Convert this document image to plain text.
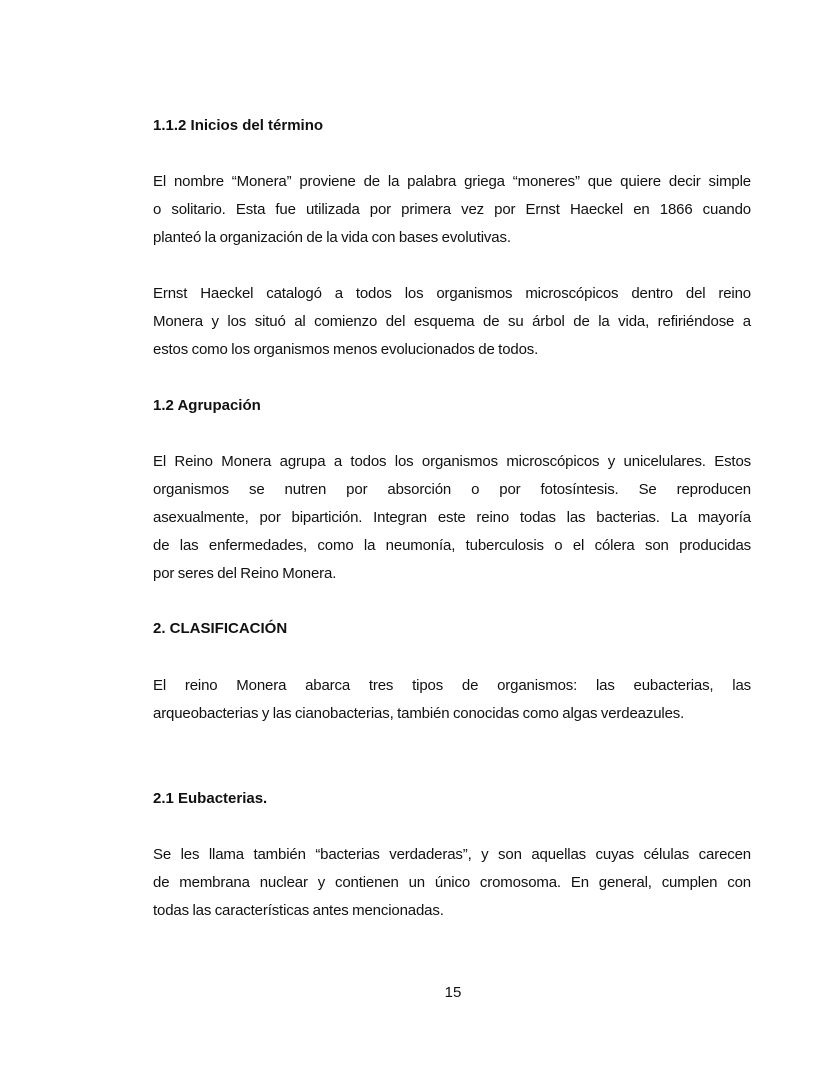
1.1.2 Inicios del término
El nombre “Monera” proviene de la palabra griega “moneres” que quiere decir simple
o solitario. Esta fue utilizada por primera vez por Ernst Haeckel en 1866 cuando
planteó la organización de la vida con bases evolutivas.
Ernst Haeckel catalogó a todos los organismos microscópicos dentro del reino
Monera y los situó al comienzo del esquema de su árbol de la vida, refiriéndose a
estos como los organismos menos evolucionados de todos.
1.2 Agrupación
El Reino Monera agrupa a todos los organismos microscópicos y unicelulares. Estos
organismos se nutren por absorción o por fotosíntesis. Se reproducen
asexualmente, por bipartición. Integran este reino todas las bacterias. La mayoría
de las enfermedades, como la neumonía, tuberculosis o el cólera son producidas
por seres del Reino Monera.
2. CLASIFICACIÓN
El reino Monera abarca tres tipos de organismos: las eubacterias, las
arqueobacterias y las cianobacterias, también conocidas como algas verdeazules.
2.1 Eubacterias.
Se les llama también “bacterias verdaderas”, y son aquellas cuyas células carecen
de membrana nuclear y contienen un único cromosoma. En general, cumplen con
todas las características antes mencionadas.
15
